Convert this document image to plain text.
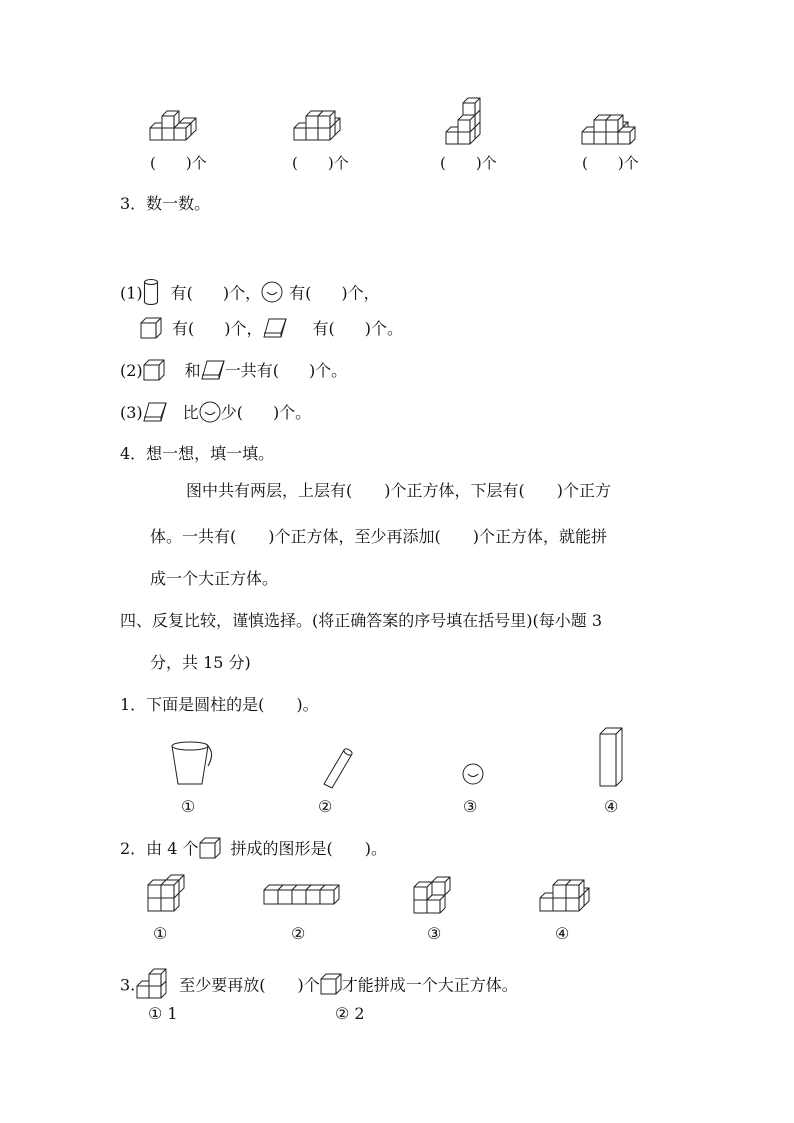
(　　)个	(　　)个	(　　)个	(　　)个
3．数一数。
(1) 有( )个， 有( )个，
有( )个，	有( )个。
(2)	和 一共有( )个。
(3)	比 少( )个。
4．想一想，填一填。
图中共有两层，上层有(　　)个正方体，下层有(　　)个正方
体。一共有(　　)个正方体，至少再添加(　　)个正方体，就能拼
成一个大正方体。
四、反复比较，谨慎选择。(将正确答案的序号填在括号里)(每小题 3
分，共 15 分)
1．下面是圆柱的是(　　)。
①	②	③	④
2．由 4 个 拼成的图形是(　　)。
①	②	③	④
3.	至少要再放(　　)个 才能拼成一个大正方体。
① 1	② 2
